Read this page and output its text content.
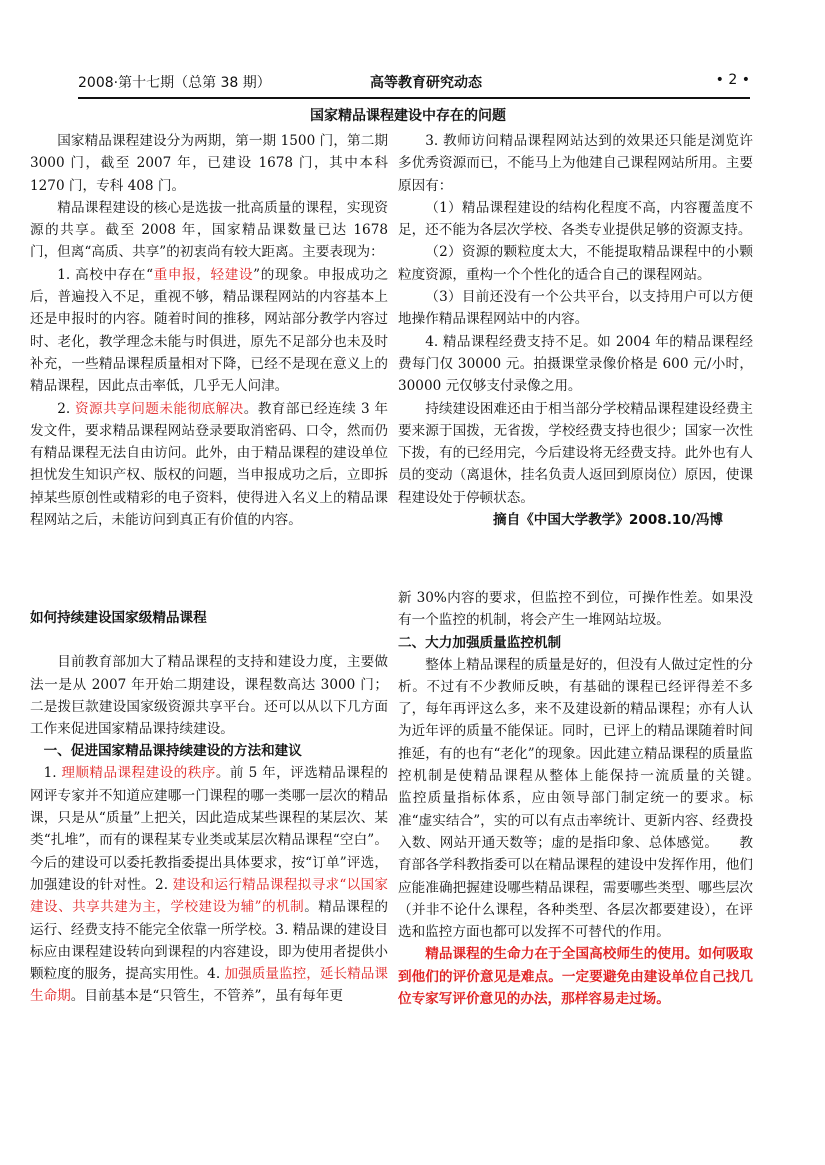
2008·第十七期（总第 38 期）	高等教育研究动态	• 2 •
国家精品课程建设中存在的问题

国家精品课程建设分为两期，第一期 1500 门，第二期 3000 门，截至 2007 年，已建设 1678 门，其中本科 1270 门，专科 408 门。

精品课程建设的核心是选拔一批高质量的课程，实现资源的共享。截至 2008 年，国家精品课数量已达 1678 门，但离“高质、共享”的初衷尚有较大距离。主要表现为：

1. 高校中存在“重申报，轻建设”的现象。申报成功之后，普遍投入不足，重视不够，精品课程网站的内容基本上还是申报时的内容。随着时间的推移，网站部分教学内容过时、老化，教学理念未能与时俱进，原先不足部分也未及时补充，一些精品课程质量相对下降，已经不是现在意义上的精品课程，因此点击率低，几乎无人问津。

2. 资源共享问题未能彻底解决。教育部已经连续 3 年发文件，要求精品课程网站登录要取消密码、口令，然而仍有精品课程无法自由访问。此外，由于精品课程的建设单位担忧发生知识产权、版权的问题，当申报成功之后，立即拆掉某些原创性或精彩的电子资料，使得进入名义上的精品课程网站之后，未能访问到真正有价值的内容。

3. 教师访问精品课程网站达到的效果还只能是浏览许多优秀资源而已，不能马上为他建自己课程网站所用。主要原因有：

（1）精品课程建设的结构化程度不高，内容覆盖度不足，还不能为各层次学校、各类专业提供足够的资源支持。

（2）资源的颗粒度太大，不能提取精品课程中的小颗粒度资源，重构一个个性化的适合自己的课程网站。

（3）目前还没有一个公共平台，以支持用户可以方便地操作精品课程网站中的内容。

4. 精品课程经费支持不足。如 2004 年的精品课程经费每门仅 30000 元。拍摄课堂录像价格是 600 元/小时，30000 元仅够支付录像之用。

持续建设困难还由于相当部分学校精品课程建设经费主要来源于国拨，无省拨，学校经费支持也很少；国家一次性下拨，有的已经用完，今后建设将无经费支持。此外也有人员的变动（离退休，挂名负责人返回到原岗位）原因，使课程建设处于停顿状态。

摘自《中国大学教学》2008.10/冯博

如何持续建设国家级精品课程

目前教育部加大了精品课程的支持和建设力度，主要做法一是从 2007 年开始二期建设，课程数高达 3000 门；二是拨巨款建设国家级资源共享平台。还可以从以下几方面工作来促进国家精品课持续建设。

一、促进国家精品课持续建设的方法和建议

1. 理顺精品课程建设的秩序。前 5 年，评选精品课程的网评专家并不知道应建哪一门课程的哪一类哪一层次的精品课，只是从“质量”上把关，因此造成某些课程的某层次、某类“扎堆”，而有的课程某专业类或某层次精品课程“空白”。今后的建设可以委托教指委提出具体要求，按“订单”评选，加强建设的针对性。2. 建设和运行精品课程拟寻求“以国家建设、共享共建为主，学校建设为辅”的机制。精品课程的运行、经费支持不能完全依靠一所学校。3. 精品课的建设目标应由课程建设转向到课程的内容建设，即为使用者提供小颗粒度的服务，提高实用性。4. 加强质量监控，延长精品课生命期。目前基本是“只管生，不管养”，虽有每年更

新 30%内容的要求，但监控不到位，可操作性差。如果没有一个监控的机制，将会产生一堆网站垃圾。

二、大力加强质量监控机制

整体上精品课程的质量是好的，但没有人做过定性的分析。不过有不少教师反映，有基础的课程已经评得差不多了，每年再评这么多，来不及建设新的精品课程；亦有人认为近年评的质量不能保证。同时，已评上的精品课随着时间推延，有的也有“老化”的现象。因此建立精品课程的质量监控机制是使精品课程从整体上能保持一流质量的关键。　　监控质量指标体系，应由领导部门制定统一的要求。标准“虚实结合”，实的可以有点击率统计、更新内容、经费投入数、网站开通天数等；虚的是指印象、总体感觉。　　教育部各学科教指委可以在精品课程的建设中发挥作用，他们应能准确把握建设哪些精品课程，需要哪些类型、哪些层次（并非不论什么课程，各种类型、各层次都要建设），在评选和监控方面也都可以发挥不可替代的作用。

精品课程的生命力在于全国高校师生的使用。如何吸取到他们的评价意见是难点。一定要避免由建设单位自己找几位专家写评价意见的办法，那样容易走过场。
